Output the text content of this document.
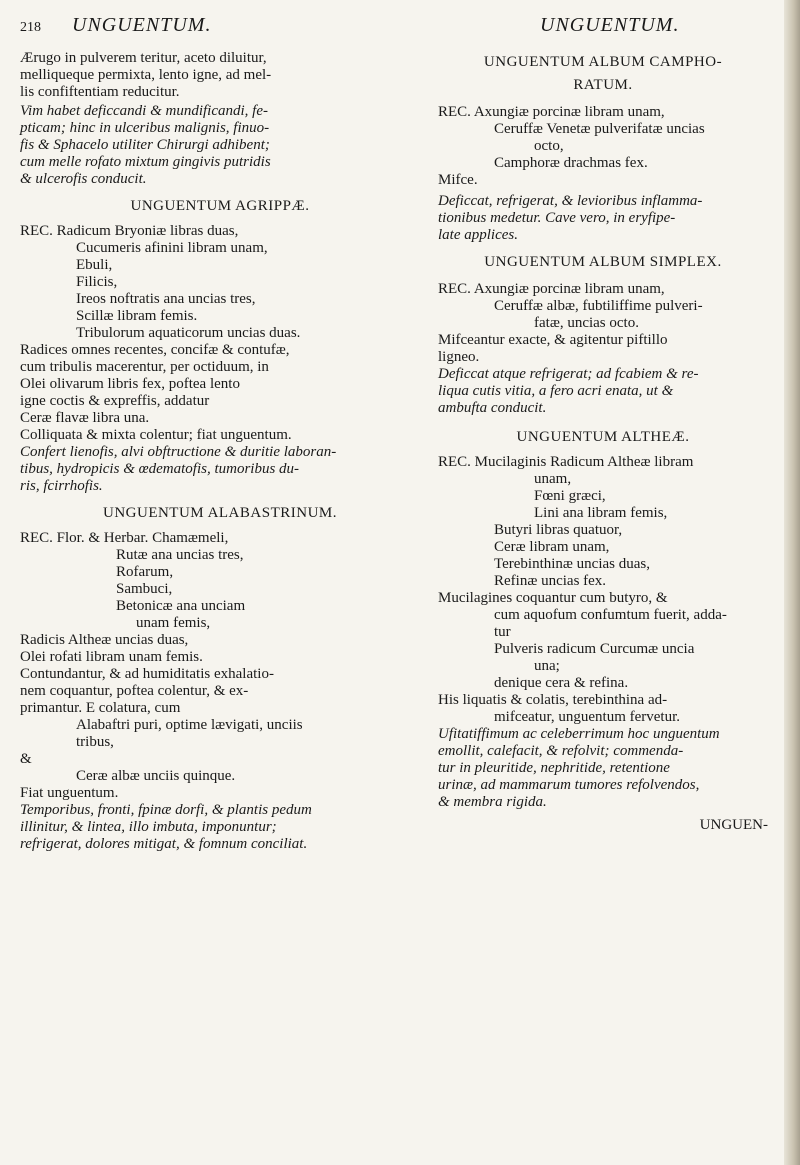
218 UNGUENTUM.	UNGUENTUM.

Ærugo in pulverem teritur, aceto diluitur,

melliqueque permixta, lento igne, ad mel-

lis confiftentiam reducitur.

Vim habet deficcandi & mundificandi, fe-

pticam; hinc in ulceribus malignis, finuo-

fis & Sphacelo utiliter Chirurgi adhibent;

cum melle rofato mixtum gingivis putridis

& ulcerofis conducit.

UNGUENTUM AGRIPPÆ.

REC. Radicum Bryoniæ libras duas,

Cucumeris afinini libram unam,

Ebuli,

Filicis,

Ireos noftratis ana uncias tres,

Scillæ libram femis.

Tribulorum aquaticorum uncias duas.

Radices omnes recentes, concifæ & contufæ,

cum tribulis macerentur, per octiduum, in

Olei olivarum libris fex, poftea lento

igne coctis & expreffis, addatur

Ceræ flavæ libra una.

Colliquata & mixta colentur; fiat unguentum.

Confert lienofis, alvi obftructione & duritie laboran-

tibus, hydropicis & œdematofis, tumoribus du-

ris, fcirrhofis.

UNGUENTUM ALABASTRINUM.

REC. Flor. & Herbar. Chamæmeli,

Rutæ ana uncias tres,

Rofarum,

Sambuci,

Betonicæ ana unciam

unam femis,

Radicis Altheæ uncias duas,

Olei rofati libram unam femis.

Contundantur, & ad humiditatis exhalatio-

nem coquantur, poftea colentur, & ex-

primantur. E colatura, cum

Alabaftri puri, optime lævigati, unciis

tribus,

&

Ceræ albæ unciis quinque.

Fiat unguentum.

Temporibus, fronti, fpinæ dorfi, & plantis pedum

illinitur, & lintea, illo imbuta, imponuntur;

refrigerat, dolores mitigat, & fomnum conciliat.

UNGUENTUM ALBUM CAMPHO-

RATUM.

REC. Axungiæ porcinæ libram unam,

Ceruffæ Venetæ pulverifatæ uncias

octo,

Camphoræ drachmas fex.

Mifce.

Deficcat, refrigerat, & levioribus inflamma-

tionibus medetur. Cave vero, in eryfipe-

late applices.

UNGUENTUM ALBUM SIMPLEX.

REC. Axungiæ porcinæ libram unam,

Ceruffæ albæ, fubtiliffime pulveri-

fatæ, uncias octo.

Mifceantur exacte, & agitentur piftillo

ligneo.

Deficcat atque refrigerat; ad fcabiem & re-

liqua cutis vitia, a fero acri enata, ut &

ambufta conducit.

UNGUENTUM ALTHEÆ.

REC. Mucilaginis Radicum Altheæ libram

unam,

Fœni græci,

Lini ana libram femis,

Butyri libras quatuor,

Ceræ libram unam,

Terebinthinæ uncias duas,

Refinæ uncias fex.

Mucilagines coquantur cum butyro, &

cum aquofum confumtum fuerit, adda-

tur

Pulveris radicum Curcumæ uncia

una;

denique cera & refina.

His liquatis & colatis, terebinthina ad-

mifceatur, unguentum fervetur.

Ufitatiffimum ac celeberrimum hoc unguentum

emollit, calefacit, & refolvit; commenda-

tur in pleuritide, nephritide, retentione

urinæ, ad mammarum tumores refolvendos,

& membra rigida.

UNGUEN-
